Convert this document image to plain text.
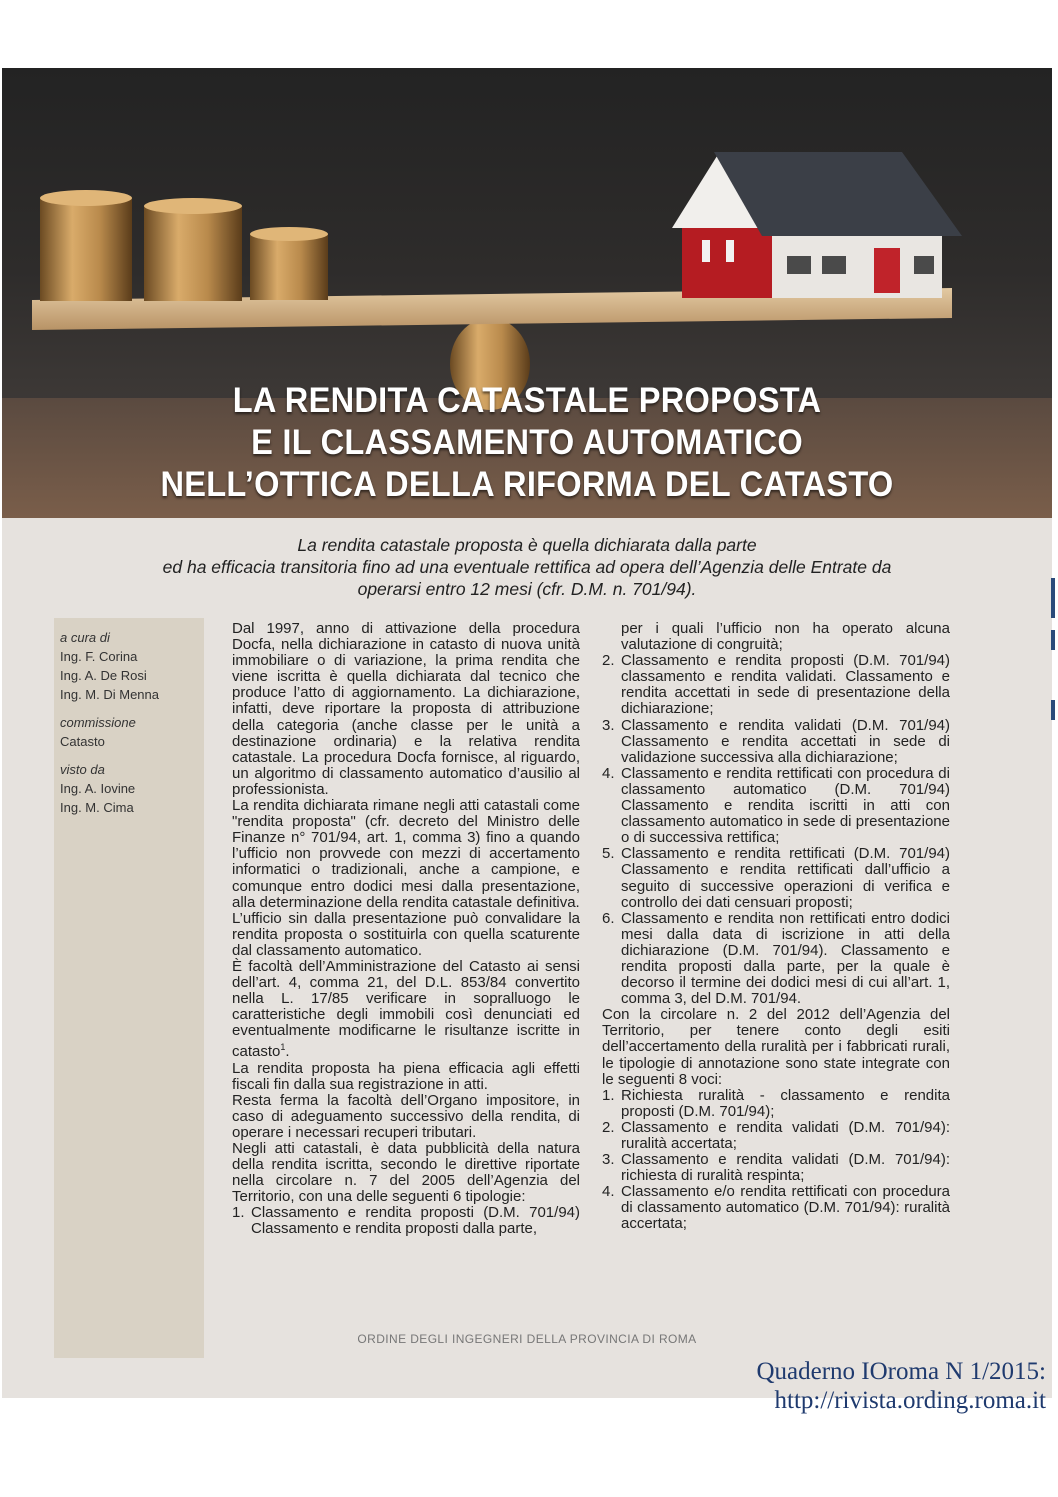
LA RENDITA CATASTALE PROPOSTA
E IL CLASSAMENTO AUTOMATICO
NELL’OTTICA DELLA RIFORMA DEL CATASTO
La rendita catastale proposta è quella dichiarata dalla parte
ed ha efficacia transitoria fino ad una eventuale rettifica ad opera dell’Agenzia delle Entrate da
operarsi entro 12 mesi (cfr. D.M. n. 701/94).
a cura di
Ing. F. Corina
Ing. A. De Rosi
Ing. M. Di Menna
commissione
Catasto
visto da
Ing. A. Iovine
Ing. M. Cima

Dal 1997, anno di attivazione della procedura Docfa, nella dichiarazione in catasto di nuova unità immobiliare o di variazione, la prima rendita che viene iscritta è quella dichiarata dal tecnico che produce l’atto di aggiornamento. La dichiarazione, infatti, deve riportare la proposta di attribuzione della categoria (anche classe per le unità a destinazione ordinaria) e la relativa rendita catastale. La procedura Docfa fornisce, al riguardo, un algoritmo di classamento automatico d’ausilio al professionista.

La rendita dichiarata rimane negli atti catastali come "rendita proposta" (cfr. decreto del Ministro delle Finanze n° 701/94, art. 1, comma 3) fino a quando l’ufficio non provvede con mezzi di accertamento informatici o tradizionali, anche a campione, e comunque entro dodici mesi dalla presentazione, alla determinazione della rendita catastale definitiva.

L’ufficio sin dalla presentazione può convalidare la rendita proposta o sostituirla con quella scaturente dal classamento automatico.

È facoltà dell’Amministrazione del Catasto ai sensi dell’art. 4, comma 21, del D.L. 853/84 convertito nella L. 17/85 verificare in sopralluogo le caratteristiche degli immobili così denunciati ed eventualmente modificarne le risultanze iscritte in catasto$^1$.

La rendita proposta ha piena efficacia agli effetti fiscali fin dalla sua registrazione in atti.

Resta ferma la facoltà dell’Organo impositore, in caso di adeguamento successivo della rendita, di operare i necessari recuperi tributari.

Negli atti catastali, è data pubblicità della natura della rendita iscritta, secondo le direttive riportate nella circolare n. 7 del 2005 dell’Agenzia del Territorio, con una delle seguenti 6 tipologie:

1. Classamento e rendita proposti (D.M. 701/94) Classamento e rendita proposti dalla parte,
per i quali l’ufficio non ha operato alcuna valutazione di congruità;
2. Classamento e rendita proposti (D.M. 701/94) classamento e rendita validati. Classamento e rendita accettati in sede di presentazione della dichiarazione;
3. Classamento e rendita validati (D.M. 701/94) Classamento e rendita accettati in sede di validazione successiva alla dichiarazione;
4. Classamento e rendita rettificati con procedura di classamento automatico (D.M. 701/94) Classamento e rendita iscritti in atti con classamento automatico in sede di presentazione o di successiva rettifica;
5. Classamento e rendita rettificati (D.M. 701/94) Classamento e rendita rettificati dall’ufficio a seguito di successive operazioni di verifica e controllo dei dati censuari proposti;
6. Classamento e rendita non rettificati entro dodici mesi dalla data di iscrizione in atti della dichiarazione (D.M. 701/94). Classamento e rendita proposti dalla parte, per la quale è decorso il termine dei dodici mesi di cui all’art. 1, comma 3, del D.M. 701/94.

Con la circolare n. 2 del 2012 dell’Agenzia del Territorio, per tenere conto degli esiti dell’accertamento della ruralità per i fabbricati rurali, le tipologie di annotazione sono state integrate con le seguenti 8 voci:

1. Richiesta ruralità - classamento e rendita proposti (D.M. 701/94);
2. Classamento e rendita validati (D.M. 701/94): ruralità accertata;
3. Classamento e rendita validati (D.M. 701/94): richiesta di ruralità respinta;
4. Classamento e/o rendita rettificati con procedura di classamento automatico (D.M. 701/94): ruralità accertata;
ORDINE DEGLI INGEGNERI DELLA PROVINCIA DI ROMA
Quaderno IOroma N 1/2015:
http://rivista.ording.roma.it
